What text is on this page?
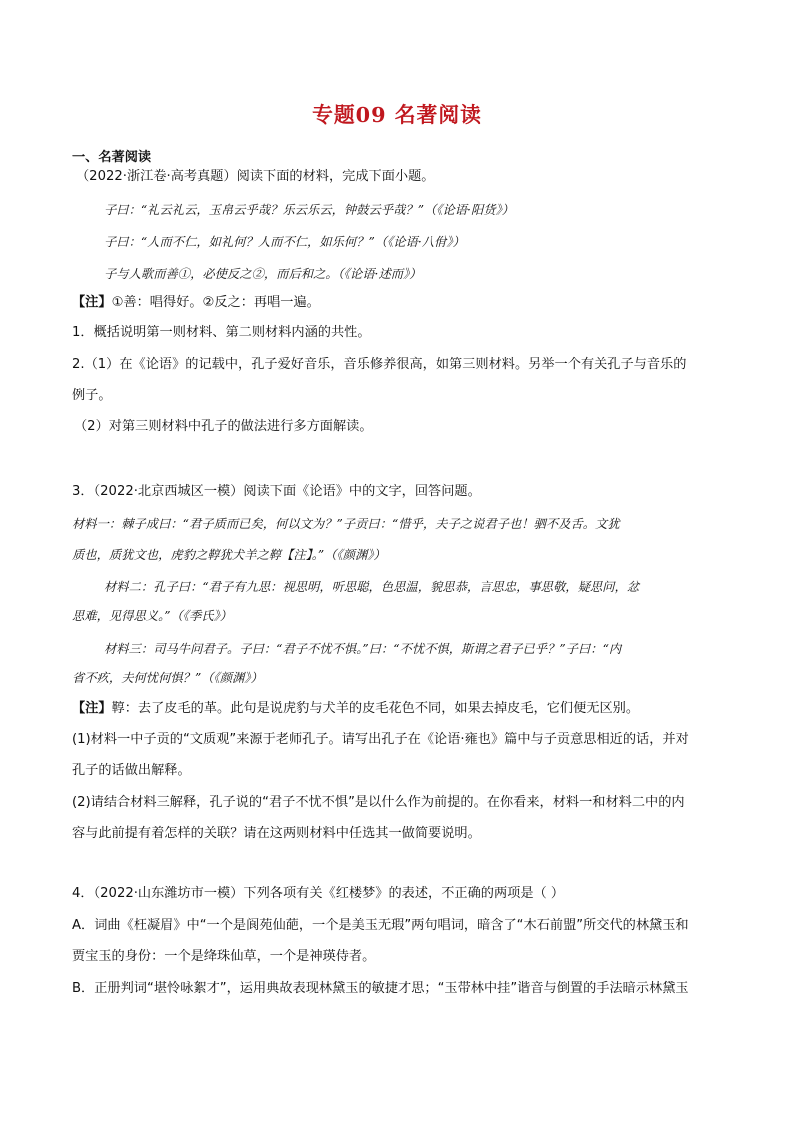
专题09 名著阅读
一、名著阅读
（2022·浙江卷·高考真题）阅读下面的材料，完成下面小题。
子曰：“礼云礼云，玉帛云乎哉？乐云乐云，钟鼓云乎哉？”（《论语·阳货》）
子曰：“人而不仁，如礼何？人而不仁，如乐何？”（《论语·八佾》）
子与人歌而善①，必使反之②，而后和之。（《论语·述而》）
【注】①善：唱得好。②反之：再唱一遍。
1．概括说明第一则材料、第二则材料内涵的共性。
2.（1）在《论语》的记载中，孔子爱好音乐，音乐修养很高，如第三则材料。另举一个有关孔子与音乐的
例子。
（2）对第三则材料中孔子的做法进行多方面解读。
3．（2022·北京西城区一模）阅读下面《论语》中的文字，回答问题。
材料一：棘子成曰：“君子质而已矣，何以文为？”子贡曰：“惜乎，夫子之说君子也！驷不及舌。文犹
质也，质犹文也，虎豹之鞟犹犬羊之鞟【注】。”（《颜渊》）
材料二：孔子曰：“君子有九思：视思明，听思聪，色思温，貌思恭，言思忠，事思敬，疑思问，忿
思难，见得思义。”（《季氏》）
材料三：司马牛问君子。子曰：“君子不忧不惧。”曰：“不忧不惧，斯谓之君子已乎？”子曰：“内
省不疚，夫何忧何惧？”（《颜渊》）
【注】鞟：去了皮毛的革。此句是说虎豹与犬羊的皮毛花色不同，如果去掉皮毛，它们便无区别。
(1)材料一中子贡的“文质观”来源于老师孔子。请写出孔子在《论语·雍也》篇中与子贡意思相近的话，并对
孔子的话做出解释。
(2)请结合材料三解释，孔子说的“君子不忧不惧”是以什么作为前提的。在你看来，材料一和材料二中的内
容与此前提有着怎样的关联？请在这两则材料中任选其一做简要说明。
4．（2022·山东潍坊市一模）下列各项有关《红楼梦》的表述，不正确的两项是（ ）
A．词曲《枉凝眉》中“一个是阆苑仙葩，一个是美玉无瑕”两句唱词，暗含了“木石前盟”所交代的林黛玉和
贾宝玉的身份：一个是绛珠仙草，一个是神瑛侍者。
B．正册判词“堪怜咏絮才”，运用典故表现林黛玉的敏捷才思；“玉带林中挂”谐音与倒置的手法暗示林黛玉
